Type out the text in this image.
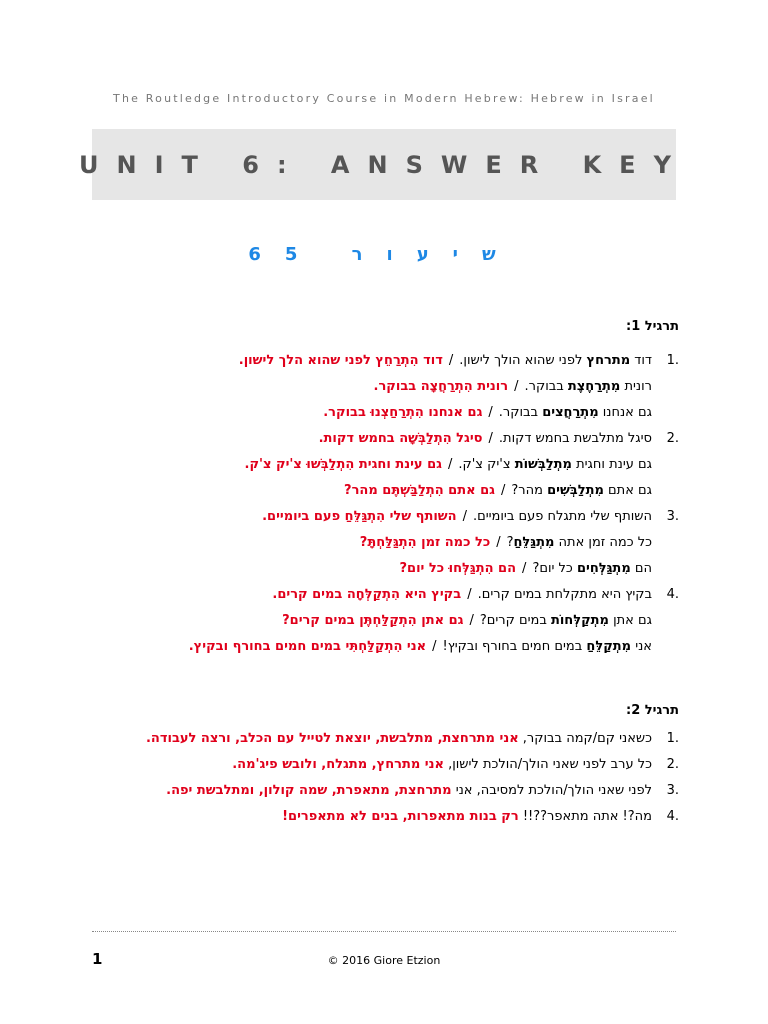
The Routledge Introductory Course in Modern Hebrew: Hebrew in Israel
UNIT 6: ANSWER KEY
שיעור 65
תרגיל 1:
1.
דוד מתרחץ לפני שהוא הולך לישון./דוד הִתְרַחֵץ לפני שהוא הלך לישון.
רונית מִתְרַחֶצֶת בבוקר./רונית הִתְרַחֲצָה בבוקר.
גם אנחנו מִתְרַחֲצים בבוקר./גם אנחנו הִתְרַחַצְנוּ בבוקר.
2.
סיגל מתלבשת בחמש דקות./סיגל הִתְלַבְּשָׁה בחמש דקות.
גם עינת וחגית מִתְלַבְּשׁוֹת צ'יק צ'ק./גם עינת וחגית הִתְלַבְּשׁוּ צ'יק צ'ק.
גם אתם מִתְלַבְּשִׁים מהר?/גם אתם הִתְלַבַּשְׁתֶּם מהר?
3.
השותף שלי מתגלח פעם ביומיים./השותף שלי הִתְגַּלֵּחַ פעם ביומיים.
כל כמה זמן אתה מִתְגַּלֵּחַ?/כל כמה זמן הִתְגַּלַּחְתָּ?
הם מִתְגַּלְּחִים כל יום?/הם הִתְגַּלְּחוּ כל יום?
4.
בקיץ היא מתקלחת במים קרים./בקיץ היא הִתְקַלְּחָה במים קרים.
גם אתן מִתְקַלְּחוֹת במים קרים?/גם אתן הִתְקַלַּחְתֶּן במים קרים?
אני מִתְקַלֵּחַ במים חמים בחורף ובקיץ!/אני הִתְקַלַּחְתִּי במים חמים בחורף ובקיץ.
תרגיל 2:
1.
כשאני קם/קמה בבוקר, אני מתרחצת, מתלבשת, יוצאת לטייל עם הכלב, ורצה לעבודה.
2.
כל ערב לפני שאני הולך/הולכת לישון, אני מתרחץ, מתגלח, ולובש פיג'מה.
3.
לפני שאני הולך/הולכת למסיבה, אני מתרחצת, מתאפרת, שמה קולון, ומתלבשת יפה.
4.
מה?! אתה מתאפר??!! רק בנות מתאפרות, בנים לא מתאפרים!
1	© 2016 Giore Etzion
